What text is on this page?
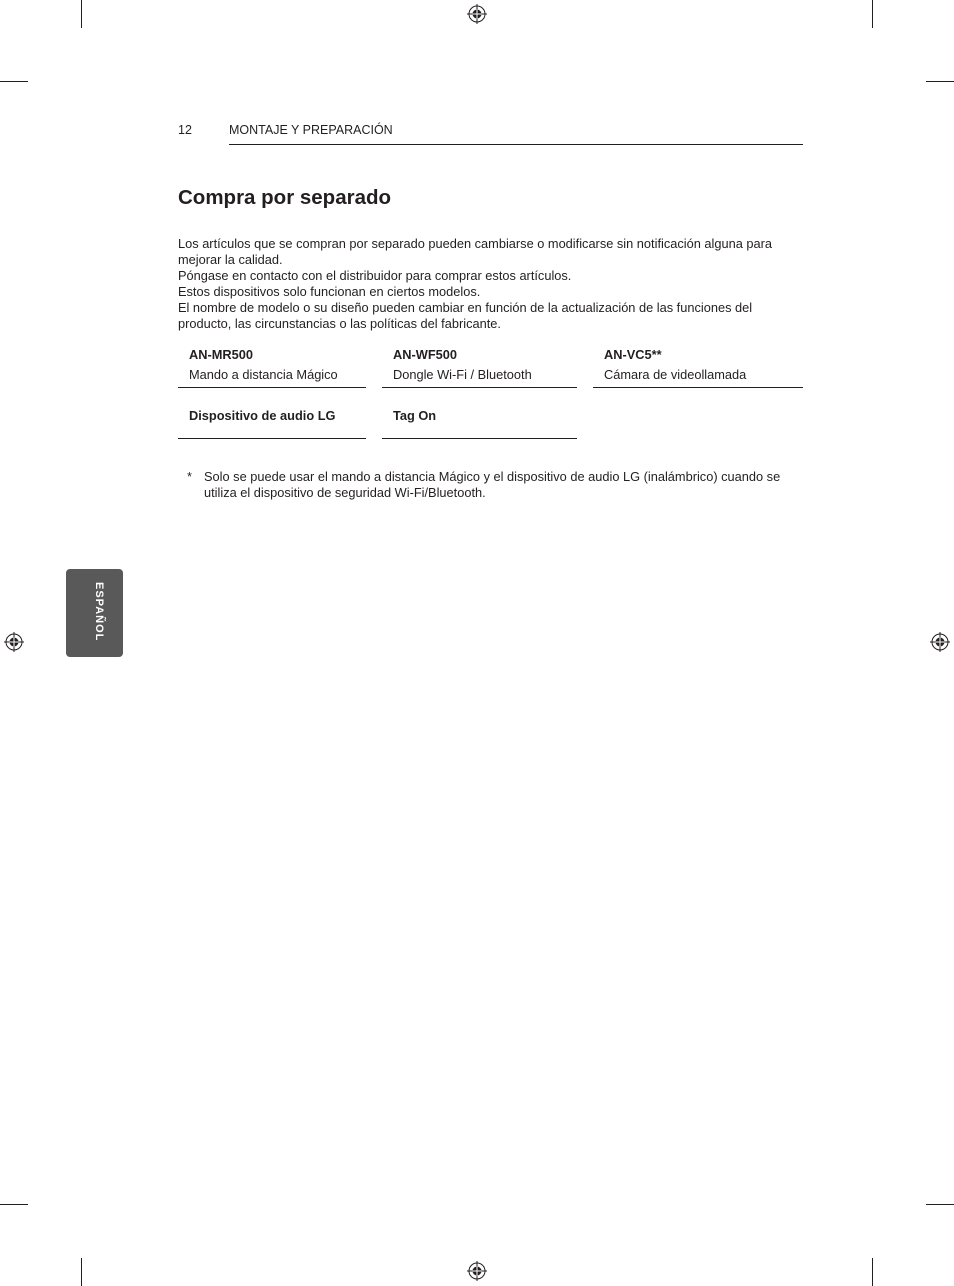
12	MONTAJE Y PREPARACIÓN
Compra por separado

Los artículos que se compran por separado pueden cambiarse o modificarse sin notificación alguna para mejorar la calidad.

Póngase en contacto con el distribuidor para comprar estos artículos.

Estos dispositivos solo funcionan en ciertos modelos.

El nombre de modelo o su diseño pueden cambiar en función de la actualización de las funciones del producto, las circunstancias o las políticas del fabricante.

AN-MR500
Mando a distancia Mágico
AN-WF500
Dongle Wi-Fi / Bluetooth
AN-VC5**
Cámara de videollamada
Dispositivo de audio LG	Tag On
* Solo se puede usar el mando a distancia Mágico y el dispositivo de audio LG (inalámbrico) cuando se utiliza el dispositivo de seguridad Wi-Fi/Bluetooth.
ESPAÑOL
